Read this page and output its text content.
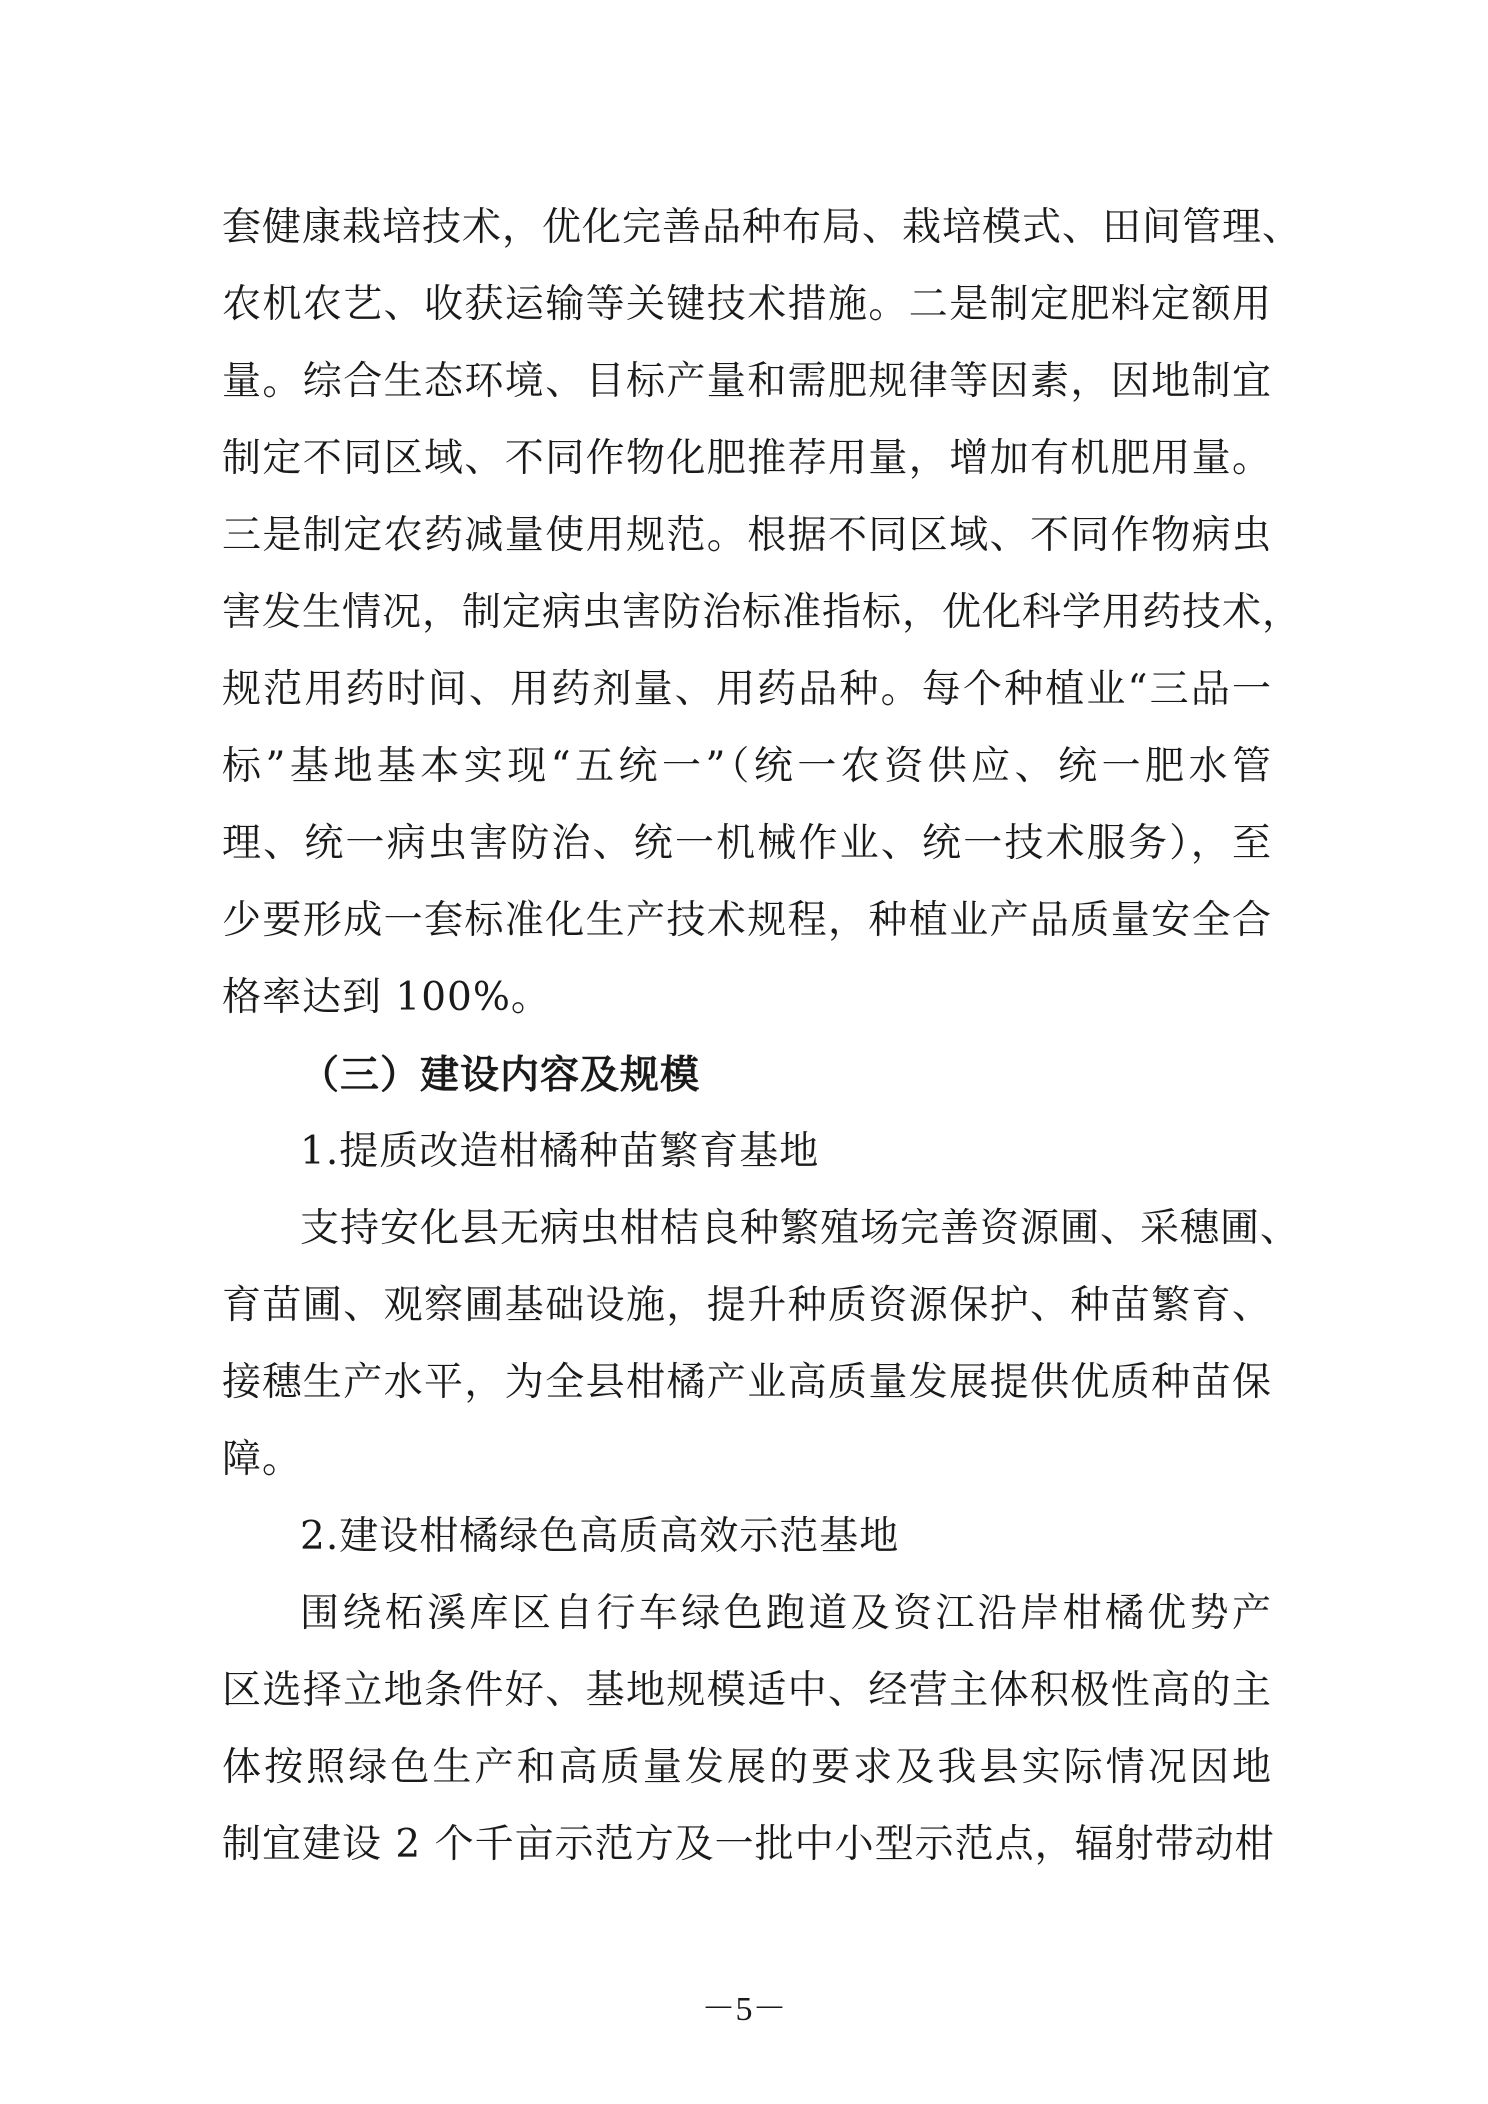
套健康栽培技术，优化完善品种布局、栽培模式、田间管理、
农机农艺、收获运输等关键技术措施。二是制定肥料定额用
量。综合生态环境、目标产量和需肥规律等因素，因地制宜
制定不同区域、不同作物化肥推荐用量，增加有机肥用量。
三是制定农药减量使用规范。根据不同区域、不同作物病虫
害发生情况，制定病虫害防治标准指标，优化科学用药技术，
规范用药时间、用药剂量、用药品种。每个种植业“三品一
标”基地基本实现“五统一”（统一农资供应、统一肥水管
理、统一病虫害防治、统一机械作业、统一技术服务），至
少要形成一套标准化生产技术规程，种植业产品质量安全合
格率达到 100%。
（三）建设内容及规模
1.提质改造柑橘种苗繁育基地
支持安化县无病虫柑桔良种繁殖场完善资源圃、采穗圃、
育苗圃、观察圃基础设施，提升种质资源保护、种苗繁育、
接穗生产水平，为全县柑橘产业高质量发展提供优质种苗保
障。
2.建设柑橘绿色高质高效示范基地
围绕柘溪库区自行车绿色跑道及资江沿岸柑橘优势产
区选择立地条件好、基地规模适中、经营主体积极性高的主
体按照绿色生产和高质量发展的要求及我县实际情况因地
制宜建设 2 个千亩示范方及一批中小型示范点，辐射带动柑
－5－
